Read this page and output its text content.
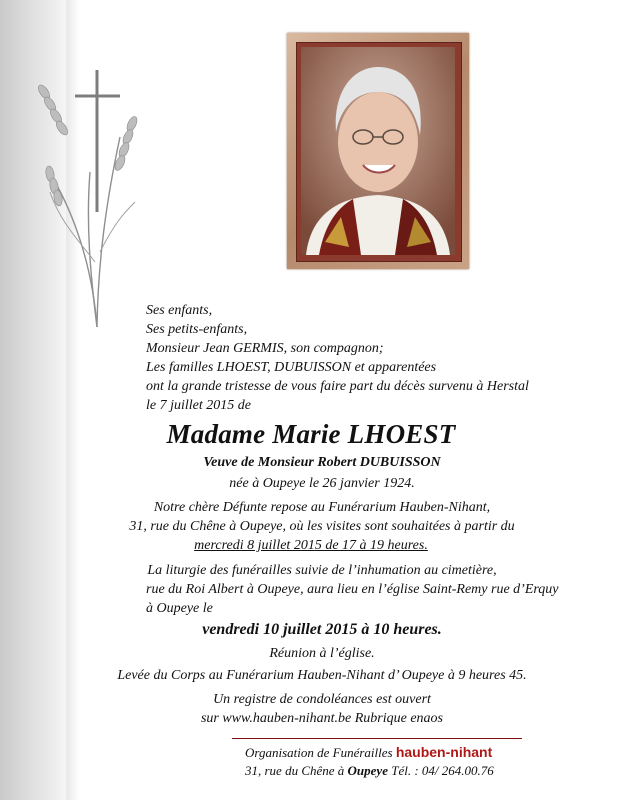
Ses enfants,
Ses petits-enfants,
Monsieur Jean GERMIS, son compagnon;
Les familles LHOEST, DUBUISSON et apparentées
ont la grande tristesse de vous faire part du décès survenu à Herstal
le 7 juillet 2015 de
Madame Marie LHOEST
Veuve de Monsieur Robert DUBUISSON
née à Oupeye le 26 janvier 1924.
Notre chère Défunte repose au Funérarium Hauben-Nihant,
31, rue du Chêne à Oupeye, où les visites sont souhaitées à partir du
mercredi 8 juillet 2015 de 17 à 19 heures.
La liturgie des funérailles suivie de l’inhumation au cimetière,
rue du Roi Albert à Oupeye, aura lieu en l’église Saint-Remy rue d’Erquy
à Oupeye le
vendredi 10 juillet 2015 à 10 heures.
Réunion à l’église.
Levée du Corps au Funérarium Hauben-Nihant d’ Oupeye à 9 heures 45.
Un registre de condoléances est ouvert
sur www.hauben-nihant.be Rubrique enaos
Organisation de Funérailles hauben-nihant
31, rue du Chêne à Oupeye Tél. : 04/ 264.00.76
